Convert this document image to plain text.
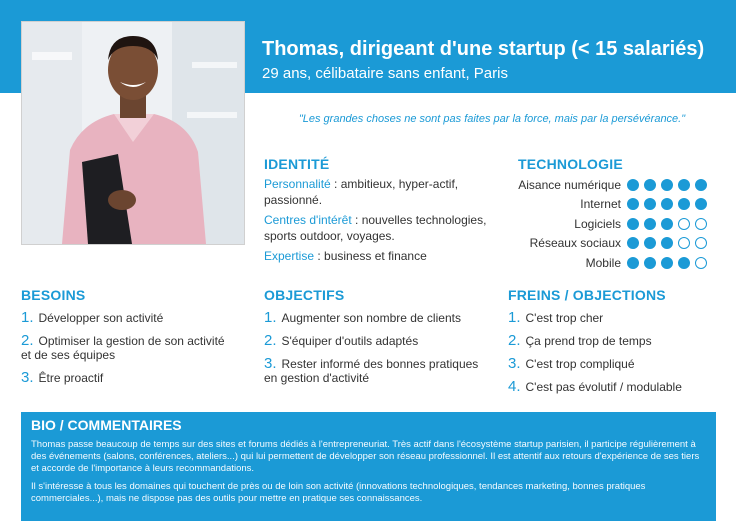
Thomas, dirigeant d'une startup (< 15 salariés)

29 ans, célibataire sans enfant, Paris

"Les grandes choses ne sont pas faites par la force, mais par la persévérance."

IDENTITÉ

Personnalité : ambitieux, hyper-actif, passionné.

Centres d'intérêt : nouvelles technologies, sports outdoor, voyages.

Expertise : business et finance

TECHNOLOGIE
Aisance numérique
Internet
Logiciels
Réseaux sociaux
Mobile
BESOINS
1. Développer son activité
2. Optimiser la gestion de son activité et de ses équipes
3. Être proactif
OBJECTIFS
1. Augmenter son nombre de clients
2. S'équiper d'outils adaptés
3. Rester informé des bonnes pratiques en gestion d'activité
FREINS / OBJECTIONS
1. C'est trop cher
2. Ça prend trop de temps
3. C'est trop compliqué
4. C'est pas évolutif / modulable
BIO / COMMENTAIRES

Thomas passe beaucoup de temps sur des sites et forums dédiés à l'entrepreneuriat. Très actif dans l'écosystème startup parisien, il participe régulièrement à des événements (salons, conférences, ateliers...) qui lui permettent de développer son réseau professionnel. Il est attentif aux retours d'expérience de ses tiers et accorde de l'importance à leurs recommandations.

Il s'intéresse à tous les domaines qui touchent de près ou de loin son activité (innovations technologiques, tendances marketing, bonnes pratiques commerciales...), mais ne dispose pas des outils pour mettre en pratique ses connaissances.
